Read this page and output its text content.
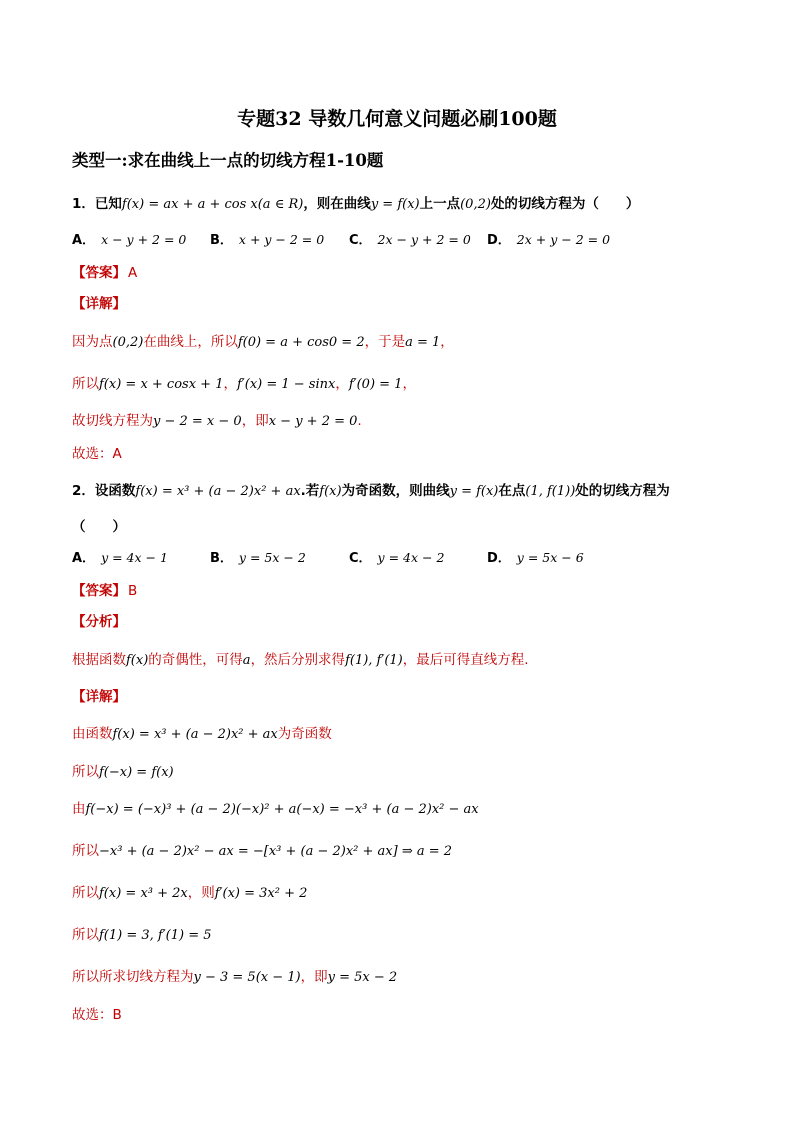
专题32 导数几何意义问题必刷100题
类型一:求在曲线上一点的切线方程1-10题
1．已知f(x) = ax + a + cos x(a ∈ R)，则在曲线y = f(x)上一点(0,2)处的切线方程为（　　）
A． x − y + 2 = 0 B． x + y − 2 = 0 C． 2x − y + 2 = 0 D． 2x + y − 2 = 0
【答案】 A
【详解】
因为点(0,2)在曲线上，所以f(0) = a + cos0 = 2，于是a = 1，
所以f(x) = x + cosx + 1，f′(x) = 1 − sinx，f′(0) = 1，
故切线方程为y − 2 = x − 0，即x − y + 2 = 0.
故选：A
2．设函数f(x) = x³ + (a − 2)x² + ax.若f(x)为奇函数，则曲线y = f(x)在点(1, f(1))处的切线方程为
（　　）
A． y = 4x − 1	B． y = 5x − 2	C． y = 4x − 2	D． y = 5x − 6
【答案】 B
【分析】
根据函数f(x)的奇偶性，可得a，然后分别求得f(1), f′(1)，最后可得直线方程.
【详解】
由函数f(x) = x³ + (a − 2)x² + ax为奇函数
所以f(−x) = f(x)
由f(−x) = (−x)³ + (a − 2)(−x)² + a(−x) = −x³ + (a − 2)x² − ax
所以−x³ + (a − 2)x² − ax = −[x³ + (a − 2)x² + ax] ⇒ a = 2
所以f(x) = x³ + 2x，则f′(x) = 3x² + 2
所以f(1) = 3, f′(1) = 5
所以所求切线方程为y − 3 = 5(x − 1)，即y = 5x − 2
故选：B
